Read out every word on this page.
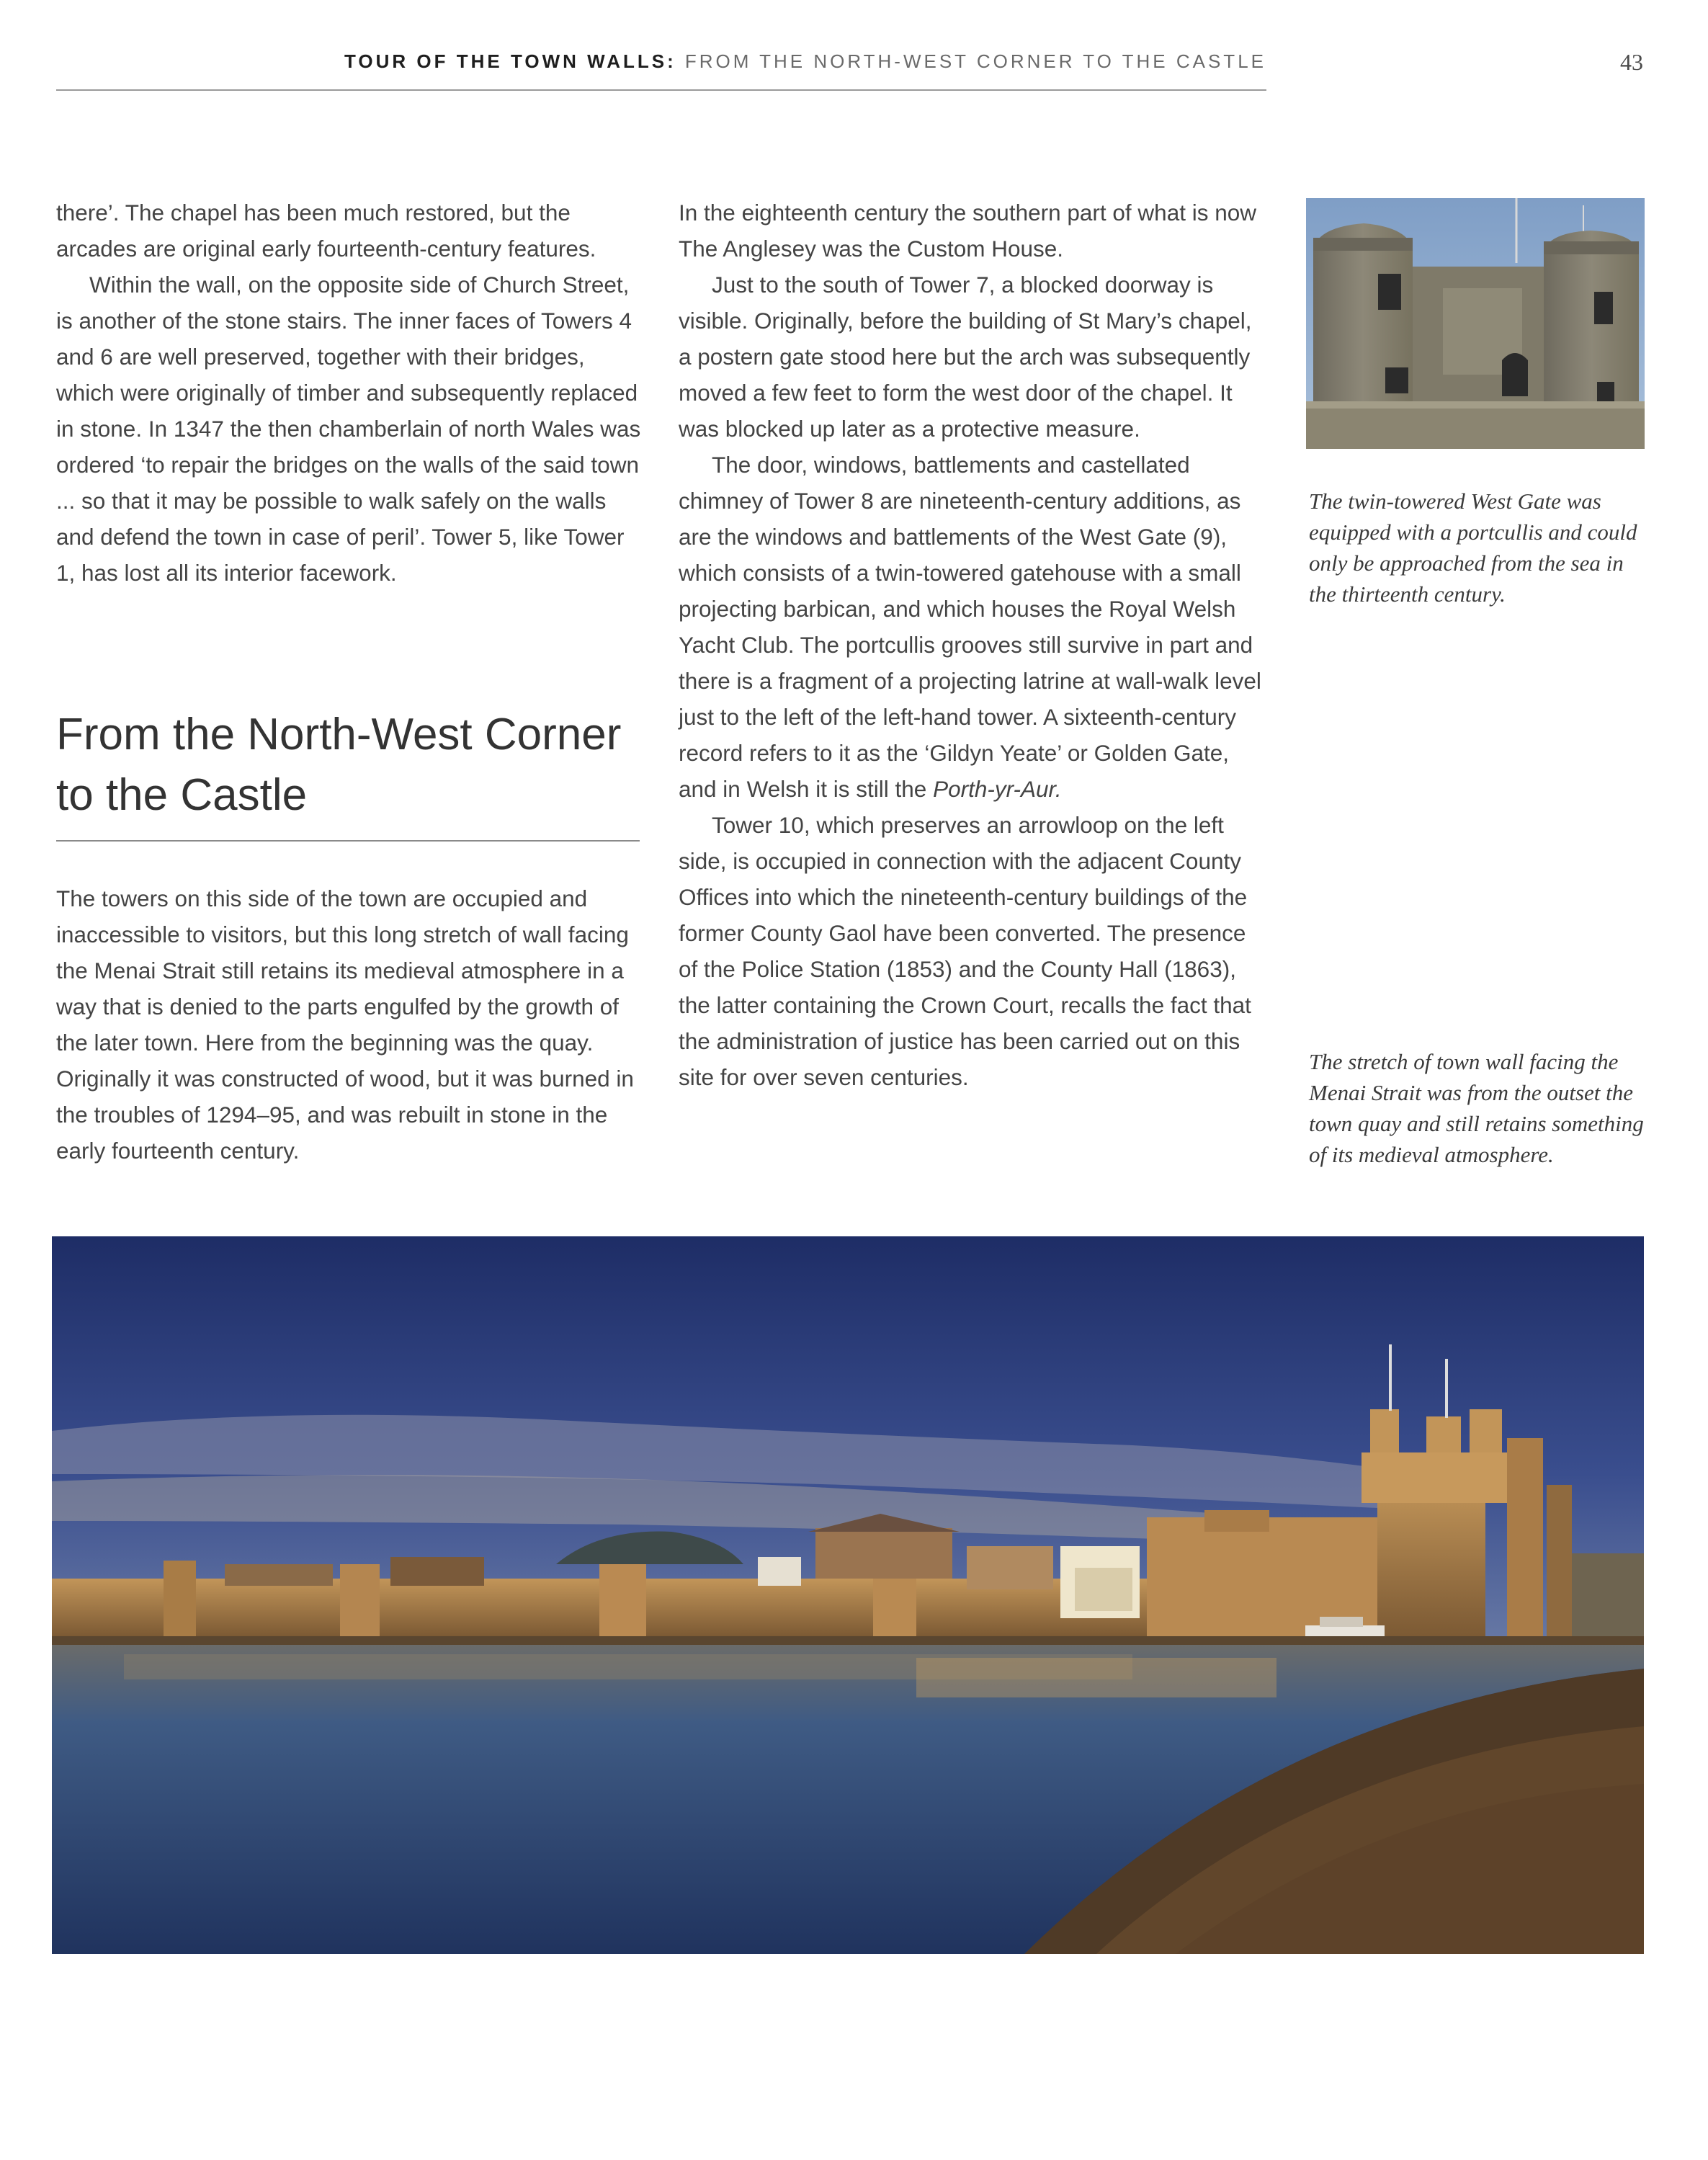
TOUR OF THE TOWN WALLS: FROM THE NORTH-WEST CORNER TO THE CASTLE	43

there’. The chapel has been much restored, but the arcades are original early fourteenth-century features.

Within the wall, on the opposite side of Church Street, is another of the stone stairs. The inner faces of Towers 4 and 6 are well preserved, together with their bridges, which were originally of timber and subsequently replaced in stone. In 1347 the then chamberlain of north Wales was ordered ‘to repair the bridges on the walls of the said town ... so that it may be possible to walk safely on the walls and defend the town in case of peril’. Tower 5, like Tower 1, has lost all its interior facework.

From the North-West Corner to the Castle

The towers on this side of the town are occupied and inaccessible to visitors, but this long stretch of wall facing the Menai Strait still retains its medieval atmosphere in a way that is denied to the parts engulfed by the growth of the later town. Here from the beginning was the quay. Originally it was constructed of wood, but it was burned in the troubles of 1294–95, and was rebuilt in stone in the early fourteenth century.

In the eighteenth century the southern part of what is now The Anglesey was the Custom House.

Just to the south of Tower 7, a blocked doorway is visible. Originally, before the building of St Mary’s chapel, a postern gate stood here but the arch was subsequently moved a few feet to form the west door of the chapel. It was blocked up later as a protective measure.

The door, windows, battlements and castellated chimney of Tower 8 are nineteenth-century additions, as are the windows and battlements of the West Gate (9), which consists of a twin-towered gatehouse with a small projecting barbican, and which houses the Royal Welsh Yacht Club. The portcullis grooves still survive in part and there is a fragment of a projecting latrine at wall-walk level just to the left of the left-hand tower. A sixteenth-century record refers to it as the ‘Gildyn Yeate’ or Golden Gate, and in Welsh it is still the Porth-yr-Aur.

Tower 10, which preserves an arrowloop on the left side, is occupied in connection with the adjacent County Offices into which the nineteenth-century buildings of the former County Gaol have been converted. The presence of the Police Station (1853) and the County Hall (1863), the latter containing the Crown Court, recalls the fact that the administration of justice has been carried out on this site for over seven centuries.

The twin-towered West Gate was equipped with a portcullis and could only be approached from the sea in the thirteenth century.
The stretch of town wall facing the Menai Strait was from the outset the town quay and still retains something of its medieval atmosphere.
